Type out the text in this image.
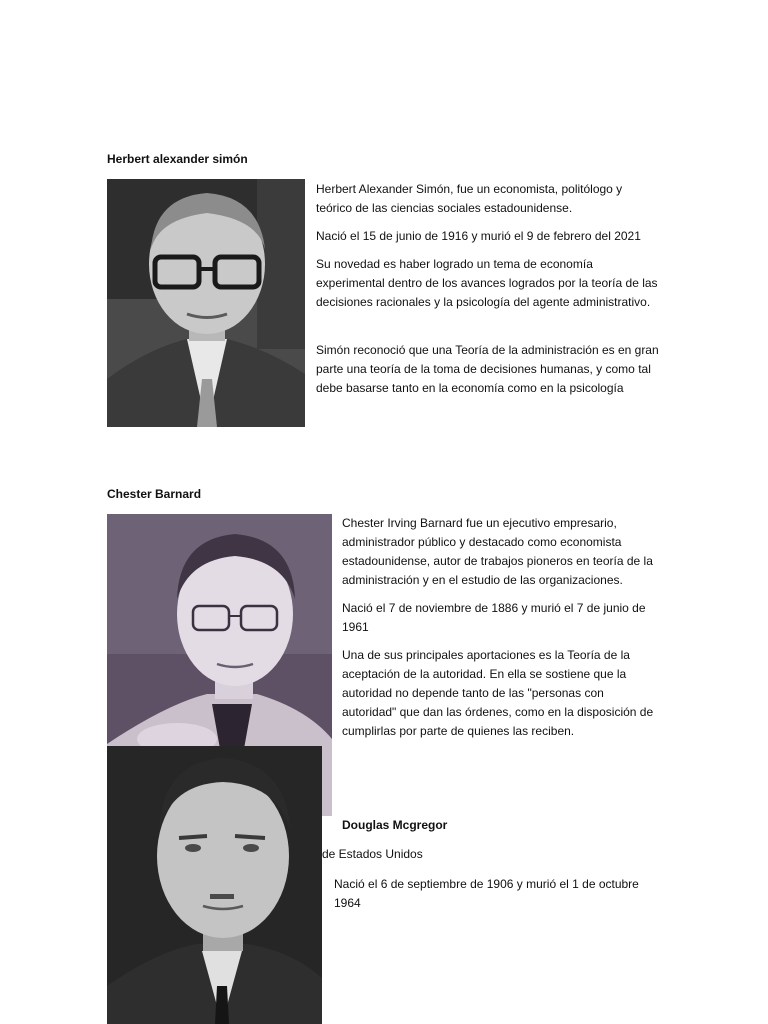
Herbert alexander simón

Herbert Alexander Simón, fue un economista, politólogo y teórico de las ciencias sociales estadounidense.

Nació el 15 de junio de 1916 y murió el 9 de febrero del 2021

Su novedad es haber logrado un tema de economía experimental dentro de los avances logrados por la teoría de las decisiones racionales y la psicología del agente administrativo.

Simón reconoció que una Teoría de la administración es en gran parte una teoría de la toma de decisiones humanas, y como tal debe basarse tanto en la economía como en la psicología

Chester Barnard

Chester Irving Barnard fue un ejecutivo empresario, administrador público y destacado como economista estadounidense, autor de trabajos pioneros en teoría de la administración y en el estudio de las organizaciones.

Nació el 7 de noviembre de 1886 y murió el 7 de junio de 1961

Una de sus principales aportaciones es la Teoría de la aceptación de la autoridad. En ella se sostiene que la autoridad no depende tanto de las "personas con autoridad" que dan las órdenes, como en la disposición de cumplirlas por parte de quienes las reciben.

Douglas Mcgregor
de Estados Unidos

Nació el 6 de septiembre de 1906 y murió el 1 de octubre 1964
